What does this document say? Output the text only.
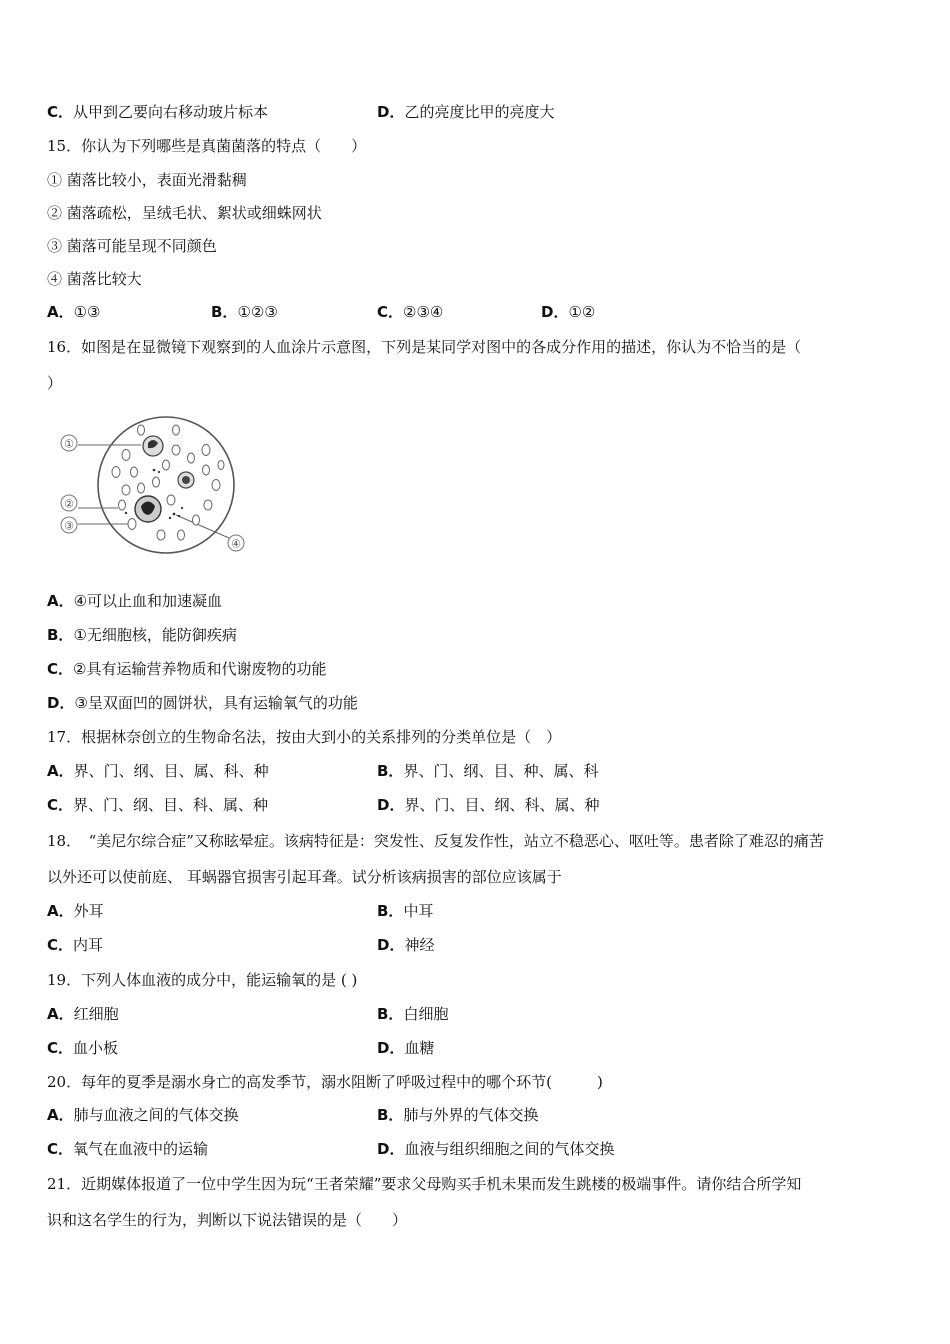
C．从甲到乙要向右移动玻片标本	D．乙的亮度比甲的亮度大
15．你认为下列哪些是真菌菌落的特点（　　）
① 菌落比较小，表面光滑黏稠
② 菌落疏松，呈绒毛状、絮状或细蛛网状
③ 菌落可能呈现不同颜色
④ 菌落比较大
A．①③	B．①②③	C．②③④	D．①②
16．如图是在显微镜下观察到的人血涂片示意图，下列是某同学对图中的各成分作用的描述，你认为不恰当的是（
）
①
②
③
④
A．④可以止血和加速凝血
B．①无细胞核，能防御疾病
C．②具有运输营养物质和代谢废物的功能
D．③呈双面凹的圆饼状，具有运输氧气的功能
17．根据林奈创立的生物命名法，按由大到小的关系排列的分类单位是（　）
A．界、门、纲、目、属、科、种	B．界、门、纲、目、种、属、科
C．界、门、纲、目、科、属、种	D．界、门、目、纲、科、属、种
18．　“美尼尔综合症”又称眩晕症。该病特征是：突发性、反复发作性，站立不稳恶心、呕吐等。患者除了难忍的痛苦
以外还可以使前庭、 耳蜗器官损害引起耳聋。试分析该病损害的部位应该属于
A．外耳	B．中耳
C．内耳	D．神经
19．下列人体血液的成分中，能运输氧的是 ( )
A．红细胞	B．白细胞
C．血小板	D．血糖
20．每年的夏季是溺水身亡的高发季节，溺水阻断了呼吸过程中的哪个环节(　　　)
A．肺与血液之间的气体交换	B．肺与外界的气体交换
C．氧气在血液中的运输	D．血液与组织细胞之间的气体交换
21．近期媒体报道了一位中学生因为玩“王者荣耀”要求父母购买手机未果而发生跳楼的极端事件。请你结合所学知
识和这名学生的行为，判断以下说法错误的是（　　）
